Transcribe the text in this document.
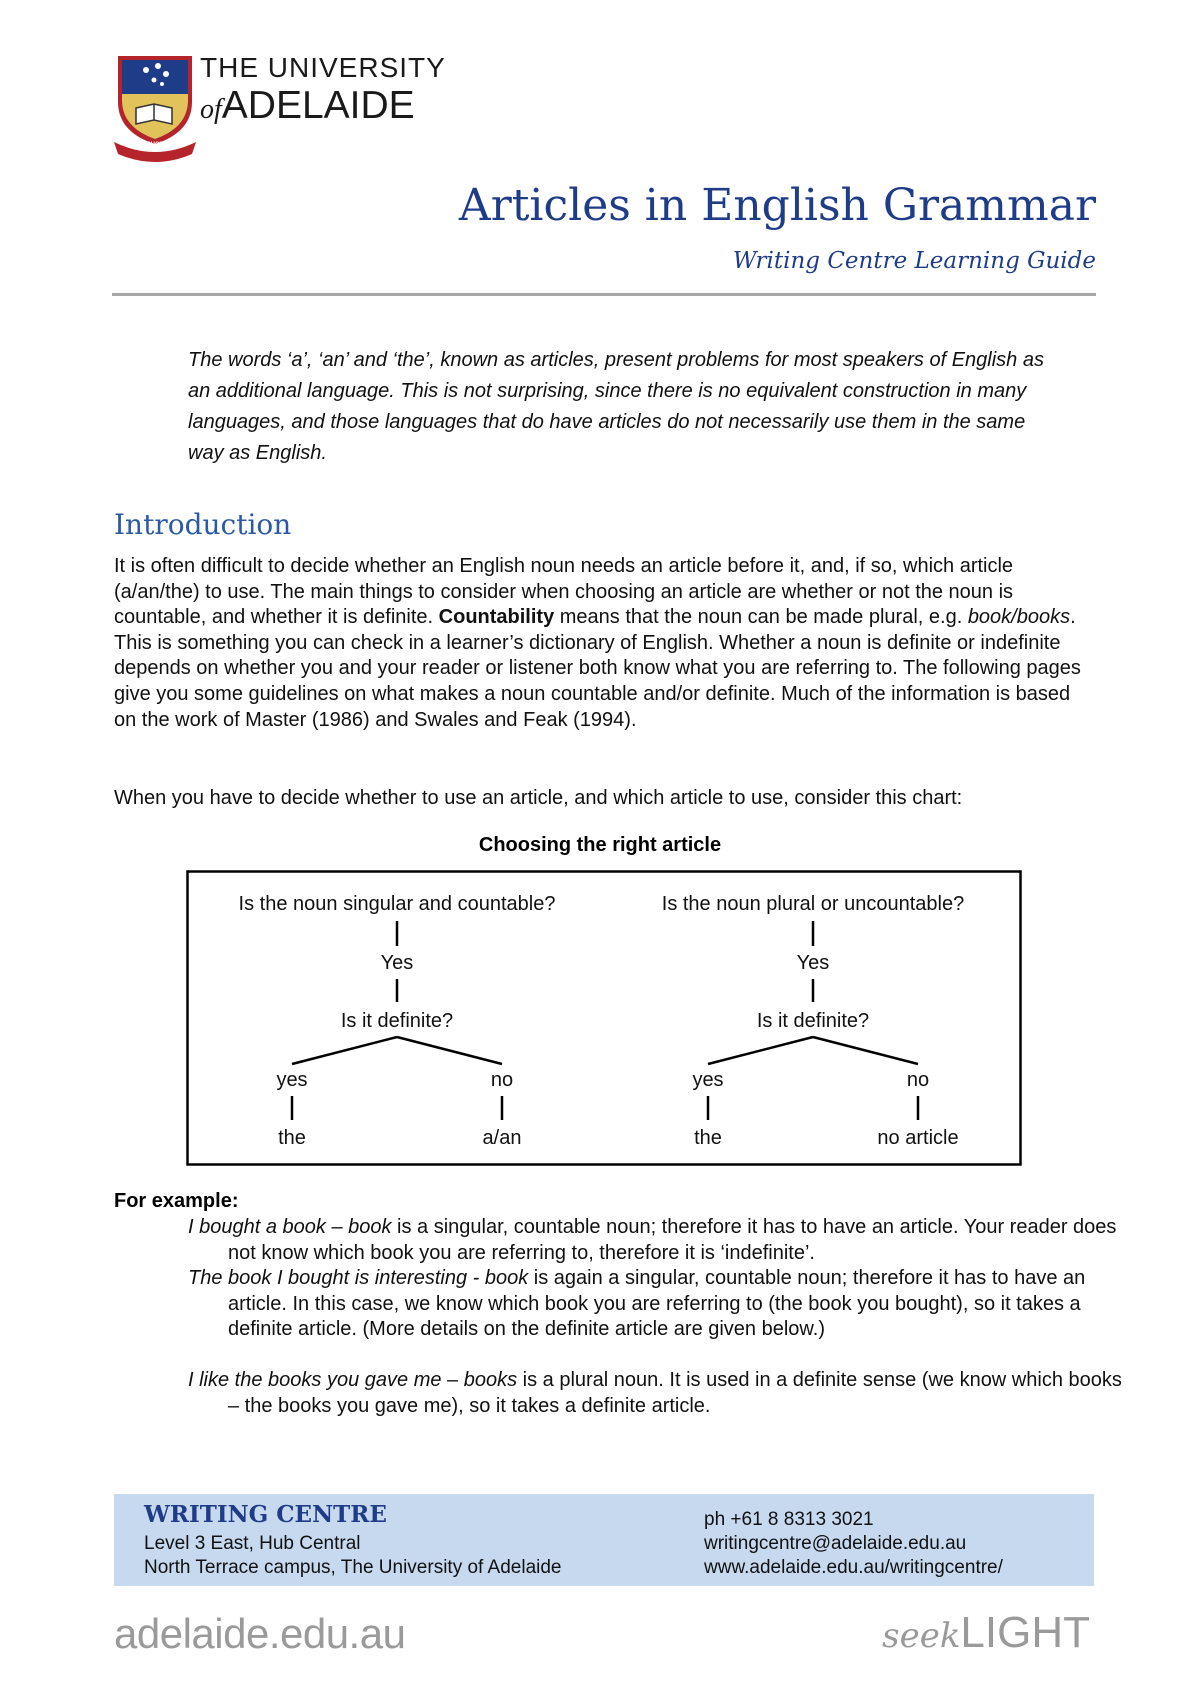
SUB CRUCE LUMEN
THE UNIVERSITY
ofADELAIDE
Articles in English Grammar
Writing Centre Learning Guide
The words ‘a’, ‘an’ and ‘the’, known as articles, present problems for most speakers of English as an additional language. This is not surprising, since there is no equivalent construction in many languages, and those languages that do have articles do not necessarily use them in the same way as English.
Introduction
It is often difficult to decide whether an English noun needs an article before it, and, if so, which article (a/an/the) to use. The main things to consider when choosing an article are whether or not the noun is countable, and whether it is definite. Countability means that the noun can be made plural, e.g. book/books. This is something you can check in a learner’s dictionary of English. Whether a noun is definite or indefinite depends on whether you and your reader or listener both know what you are referring to. The following pages give you some guidelines on what makes a noun countable and/or definite. Much of the information is based on the work of Master (1986) and Swales and Feak (1994).
When you have to decide whether to use an article, and which article to use, consider this chart:
Choosing the right article
Is the noun singular and countable?
Yes
Is it definite?
yes	no
the	a/an
Is the noun plural or uncountable?
Yes
Is it definite?
yes	no
the	no article
For example:
I bought a book – book is a singular, countable noun; therefore it has to have an article. Your reader does not know which book you are referring to, therefore it is ‘indefinite’.
The book I bought is interesting - book is again a singular, countable noun; therefore it has to have an article. In this case, we know which book you are referring to (the book you bought), so it takes a definite article. (More details on the definite article are given below.)
I like the books you gave me – books is a plural noun. It is used in a definite sense (we know which books – the books you gave me), so it takes a definite article.
WRITING CENTRE
Level 3 East, Hub Central
North Terrace campus, The University of Adelaide
ph +61 8 8313 3021
writingcentre@adelaide.edu.au
www.adelaide.edu.au/writingcentre/
adelaide.edu.au	seekLIGHT
